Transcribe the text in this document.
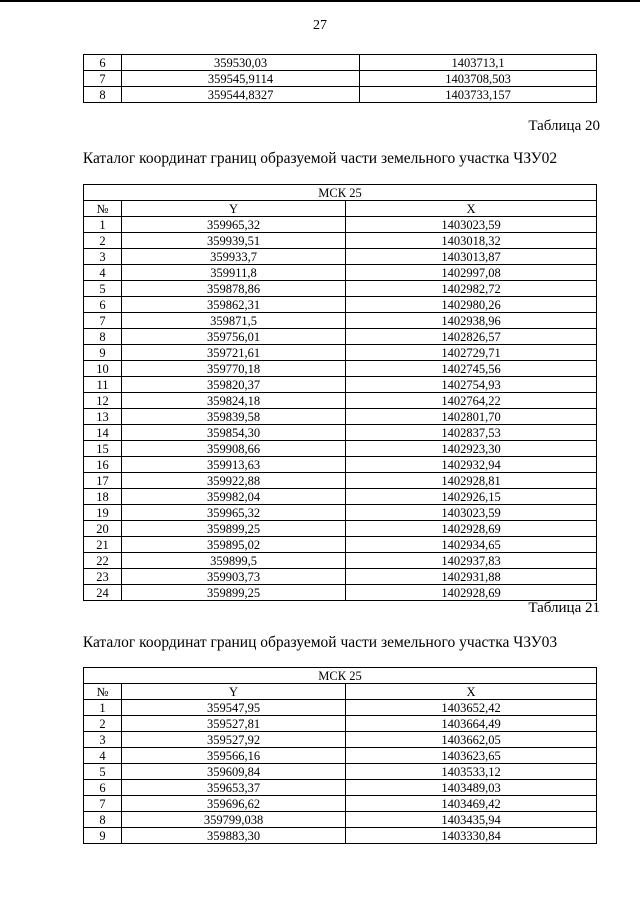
27
6	359530,03	1403713,1
7	359545,9114	1403708,503
8	359544,8327	1403733,157
Таблица 20
Каталог координат границ образуемой части земельного участка ЧЗУ02
МСК 25		
№	Y	X
1	359965,32	1403023,59
2	359939,51	1403018,32
3	359933,7	1403013,87
4	359911,8	1402997,08
5	359878,86	1402982,72
6	359862,31	1402980,26
7	359871,5	1402938,96
8	359756,01	1402826,57
9	359721,61	1402729,71
10	359770,18	1402745,56
11	359820,37	1402754,93
12	359824,18	1402764,22
13	359839,58	1402801,70
14	359854,30	1402837,53
15	359908,66	1402923,30
16	359913,63	1402932,94
17	359922,88	1402928,81
18	359982,04	1402926,15
19	359965,32	1403023,59
20	359899,25	1402928,69
21	359895,02	1402934,65
22	359899,5	1402937,83
23	359903,73	1402931,88
24	359899,25	1402928,69
Таблица 21
Каталог координат границ образуемой части земельного участка ЧЗУ03
МСК 25		
№	Y	X
1	359547,95	1403652,42
2	359527,81	1403664,49
3	359527,92	1403662,05
4	359566,16	1403623,65
5	359609,84	1403533,12
6	359653,37	1403489,03
7	359696,62	1403469,42
8	359799,038	1403435,94
9	359883,30	1403330,84
